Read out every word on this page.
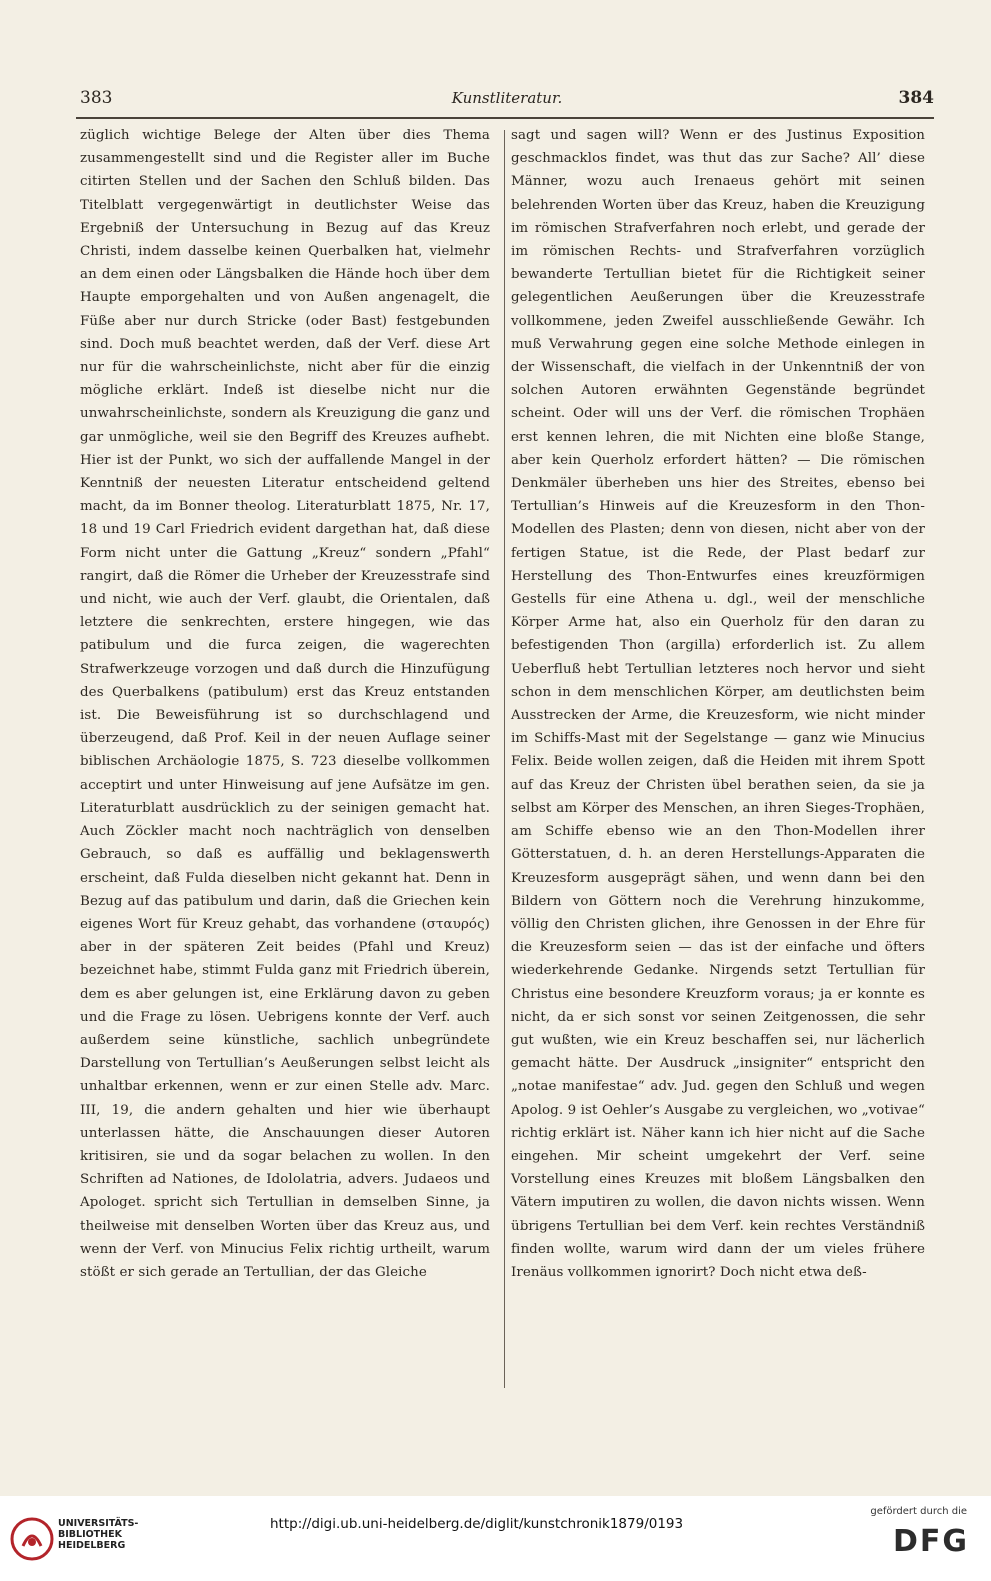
383	Kunstliteratur.	384

züglich wichtige Belege der Alten über dies Thema zusammengestellt sind und die Register aller im Buche citirten Stellen und der Sachen den Schluß bilden. Das Titelblatt vergegenwärtigt in deutlichster Weise das Ergebniß der Untersuchung in Bezug auf das Kreuz Christi, indem dasselbe keinen Querbalken hat, vielmehr an dem einen oder Längsbalken die Hände hoch über dem Haupte emporgehalten und von Außen angenagelt, die Füße aber nur durch Stricke (oder Bast) festgebunden sind. Doch muß beachtet werden, daß der Verf. diese Art nur für die wahrscheinlichste, nicht aber für die einzig mögliche erklärt. Indeß ist dieselbe nicht nur die unwahrscheinlichste, sondern als Kreuzigung die ganz und gar unmögliche, weil sie den Begriff des Kreuzes aufhebt. Hier ist der Punkt, wo sich der auffallende Mangel in der Kenntniß der neuesten Literatur entscheidend geltend macht, da im Bonner theolog. Literaturblatt 1875, Nr. 17, 18 und 19 Carl Friedrich evident dargethan hat, daß diese Form nicht unter die Gattung „Kreuz“ sondern „Pfahl“ rangirt, daß die Römer die Urheber der Kreuzesstrafe sind und nicht, wie auch der Verf. glaubt, die Orientalen, daß letztere die senkrechten, erstere hingegen, wie das patibulum und die furca zeigen, die wagerechten Strafwerkzeuge vorzogen und daß durch die Hinzufügung des Querbalkens (patibulum) erst das Kreuz entstanden ist. Die Beweisführung ist so durchschlagend und überzeugend, daß Prof. Keil in der neuen Auflage seiner biblischen Archäologie 1875, S. 723 dieselbe vollkommen acceptirt und unter Hinweisung auf jene Aufsätze im gen. Literaturblatt ausdrücklich zu der seinigen gemacht hat. Auch Zöckler macht noch nachträglich von denselben Gebrauch, so daß es auffällig und beklagenswerth erscheint, daß Fulda dieselben nicht gekannt hat. Denn in Bezug auf das patibulum und darin, daß die Griechen kein eigenes Wort für Kreuz gehabt, das vorhandene (σταυρός) aber in der späteren Zeit beides (Pfahl und Kreuz) bezeichnet habe, stimmt Fulda ganz mit Friedrich überein, dem es aber gelungen ist, eine Erklärung davon zu geben und die Frage zu lösen. Uebrigens konnte der Verf. auch außerdem seine künstliche, sachlich unbegründete Darstellung von Tertullian’s Aeußerungen selbst leicht als unhaltbar erkennen, wenn er zur einen Stelle adv. Marc. III, 19, die andern gehalten und hier wie überhaupt unterlassen hätte, die Anschauungen dieser Autoren kritisiren, sie und da sogar belachen zu wollen. In den Schriften ad Nationes, de Idololatria, advers. Judaeos und Apologet. spricht sich Tertullian in demselben Sinne, ja theilweise mit denselben Worten über das Kreuz aus, und wenn der Verf. von Minucius Felix richtig urtheilt, warum stößt er sich gerade an Tertullian, der das Gleiche

sagt und sagen will? Wenn er des Justinus Exposition geschmacklos findet, was thut das zur Sache? All’ diese Männer, wozu auch Irenaeus gehört mit seinen belehrenden Worten über das Kreuz, haben die Kreuzigung im römischen Strafverfahren noch erlebt, und gerade der im römischen Rechts- und Strafverfahren vorzüglich bewanderte Tertullian bietet für die Richtigkeit seiner gelegentlichen Aeußerungen über die Kreuzesstrafe vollkommene, jeden Zweifel ausschließende Gewähr. Ich muß Verwahrung gegen eine solche Methode einlegen in der Wissenschaft, die vielfach in der Unkenntniß der von solchen Autoren erwähnten Gegenstände begründet scheint. Oder will uns der Verf. die römischen Trophäen erst kennen lehren, die mit Nichten eine bloße Stange, aber kein Querholz erfordert hätten? — Die römischen Denkmäler überheben uns hier des Streites, ebenso bei Tertullian’s Hinweis auf die Kreuzesform in den Thon-Modellen des Plasten; denn von diesen, nicht aber von der fertigen Statue, ist die Rede, der Plast bedarf zur Herstellung des Thon-Entwurfes eines kreuzförmigen Gestells für eine Athena u. dgl., weil der menschliche Körper Arme hat, also ein Querholz für den daran zu befestigenden Thon (argilla) erforderlich ist. Zu allem Ueberfluß hebt Tertullian letzteres noch hervor und sieht schon in dem menschlichen Körper, am deutlichsten beim Ausstrecken der Arme, die Kreuzesform, wie nicht minder im Schiffs-Mast mit der Segelstange — ganz wie Minucius Felix. Beide wollen zeigen, daß die Heiden mit ihrem Spott auf das Kreuz der Christen übel berathen seien, da sie ja selbst am Körper des Menschen, an ihren Sieges-Trophäen, am Schiffe ebenso wie an den Thon-Modellen ihrer Götterstatuen, d. h. an deren Herstellungs-Apparaten die Kreuzesform ausgeprägt sähen, und wenn dann bei den Bildern von Göttern noch die Verehrung hinzukomme, völlig den Christen glichen, ihre Genossen in der Ehre für die Kreuzesform seien — das ist der einfache und öfters wiederkehrende Gedanke. Nirgends setzt Tertullian für Christus eine besondere Kreuzform voraus; ja er konnte es nicht, da er sich sonst vor seinen Zeitgenossen, die sehr gut wußten, wie ein Kreuz beschaffen sei, nur lächerlich gemacht hätte. Der Ausdruck „insigniter“ entspricht den „notae manifestae“ adv. Jud. gegen den Schluß und wegen Apolog. 9 ist Oehler’s Ausgabe zu vergleichen, wo „votivae“ richtig erklärt ist. Näher kann ich hier nicht auf die Sache eingehen. Mir scheint umgekehrt der Verf. seine Vorstellung eines Kreuzes mit bloßem Längsbalken den Vätern imputiren zu wollen, die davon nichts wissen. Wenn übrigens Tertullian bei dem Verf. kein rechtes Verständniß finden wollte, warum wird dann der um vieles frühere Irenäus vollkommen ignorirt? Doch nicht etwa deß-

UNIVERSITÄTS-
BIBLIOTHEK
HEIDELBERG
http://digi.ub.uni-heidelberg.de/diglit/kunstchronik1879/0193
gefördert durch die
DFG
